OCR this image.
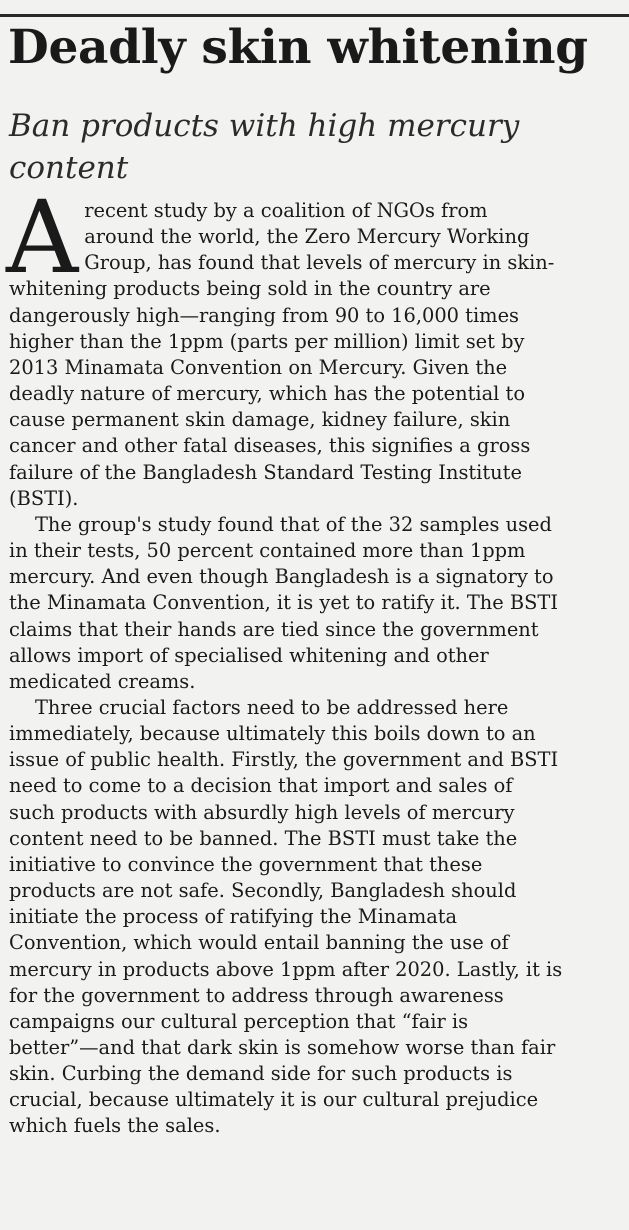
Deadly skin whitening
Ban products with high mercury content

A recent study by a coalition of NGOs from
around the world, the Zero Mercury Working
Group, has found that levels of mercury in skin-
whitening products being sold in the country are
dangerously high—ranging from 90 to 16,000 times
higher than the 1ppm (parts per million) limit set by
2013 Minamata Convention on Mercury. Given the
deadly nature of mercury, which has the potential to
cause permanent skin damage, kidney failure, skin
cancer and other fatal diseases, this signifies a gross
failure of the Bangladesh Standard Testing Institute
(BSTI).

The group's study found that of the 32 samples used
in their tests, 50 percent contained more than 1ppm
mercury. And even though Bangladesh is a signatory to
the Minamata Convention, it is yet to ratify it. The BSTI
claims that their hands are tied since the government
allows import of specialised whitening and other
medicated creams.

Three crucial factors need to be addressed here
immediately, because ultimately this boils down to an
issue of public health. Firstly, the government and BSTI
need to come to a decision that import and sales of
such products with absurdly high levels of mercury
content need to be banned. The BSTI must take the
initiative to convince the government that these
products are not safe. Secondly, Bangladesh should
initiate the process of ratifying the Minamata
Convention, which would entail banning the use of
mercury in products above 1ppm after 2020. Lastly, it is
for the government to address through awareness
campaigns our cultural perception that “fair is
better”—and that dark skin is somehow worse than fair
skin. Curbing the demand side for such products is
crucial, because ultimately it is our cultural prejudice
which fuels the sales.
